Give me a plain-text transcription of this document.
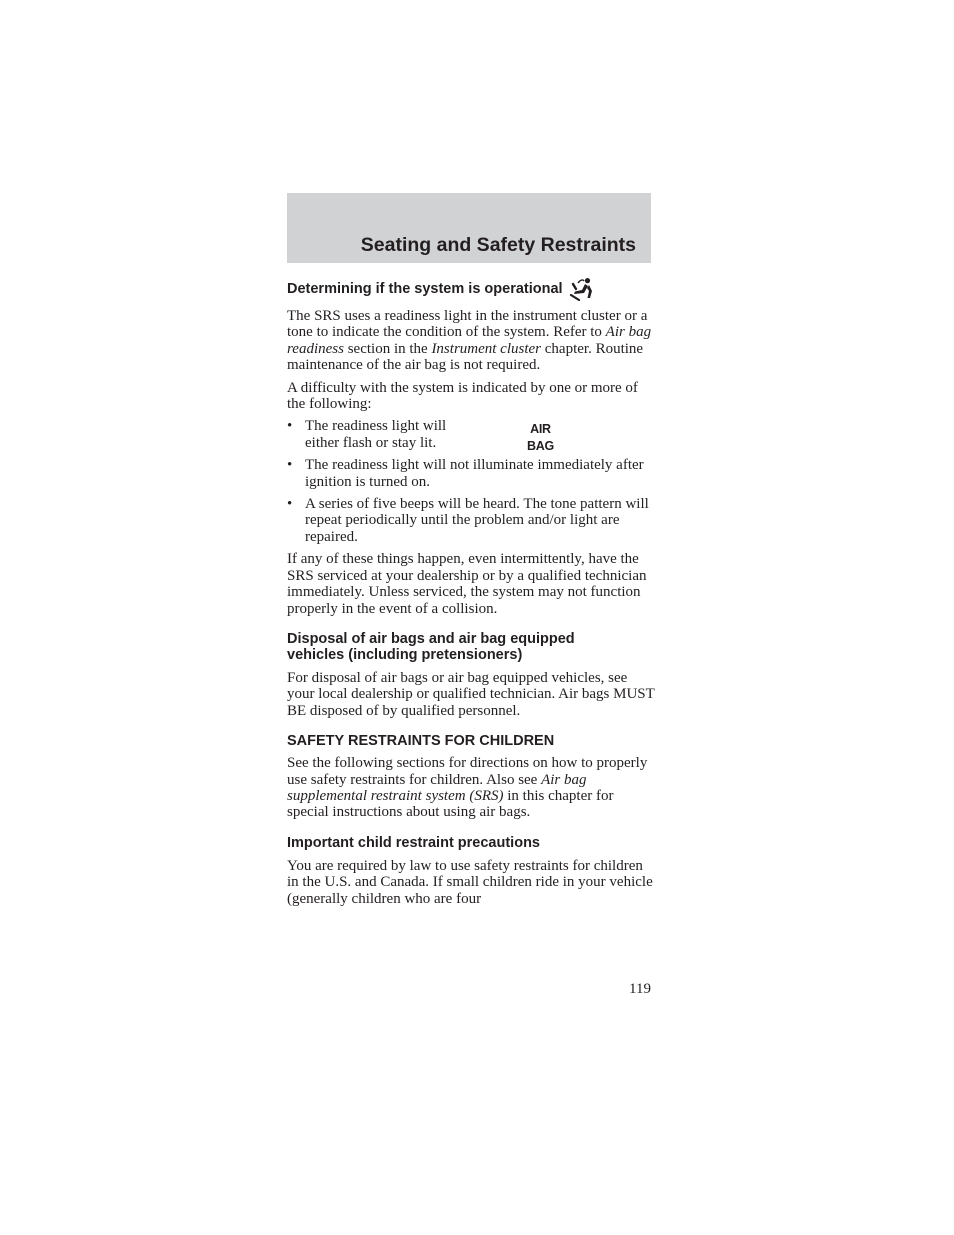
Seating and Safety Restraints
Determining if the system is operational

The SRS uses a readiness light in the instrument cluster or a tone to indicate the condition of the system. Refer to Air bag readiness section in the Instrument cluster chapter. Routine maintenance of the air bag is not required.

A difficulty with the system is indicated by one or more of the following:

• The readiness light will either flash or stay lit.
AIR
BAG
• The readiness light will not illuminate immediately after ignition is turned on.
• A series of five beeps will be heard. The tone pattern will repeat periodically until the problem and/or light are repaired.

If any of these things happen, even intermittently, have the SRS serviced at your dealership or by a qualified technician immediately. Unless serviced, the system may not function properly in the event of a collision.

Disposal of air bags and air bag equipped
vehicles (including pretensioners)

For disposal of air bags or air bag equipped vehicles, see your local dealership or qualified technician. Air bags MUST BE disposed of by qualified personnel.

SAFETY RESTRAINTS FOR CHILDREN

See the following sections for directions on how to properly use safety restraints for children. Also see Air bag supplemental restraint system (SRS) in this chapter for special instructions about using air bags.

Important child restraint precautions

You are required by law to use safety restraints for children in the U.S. and Canada. If small children ride in your vehicle (generally children who are four

119
